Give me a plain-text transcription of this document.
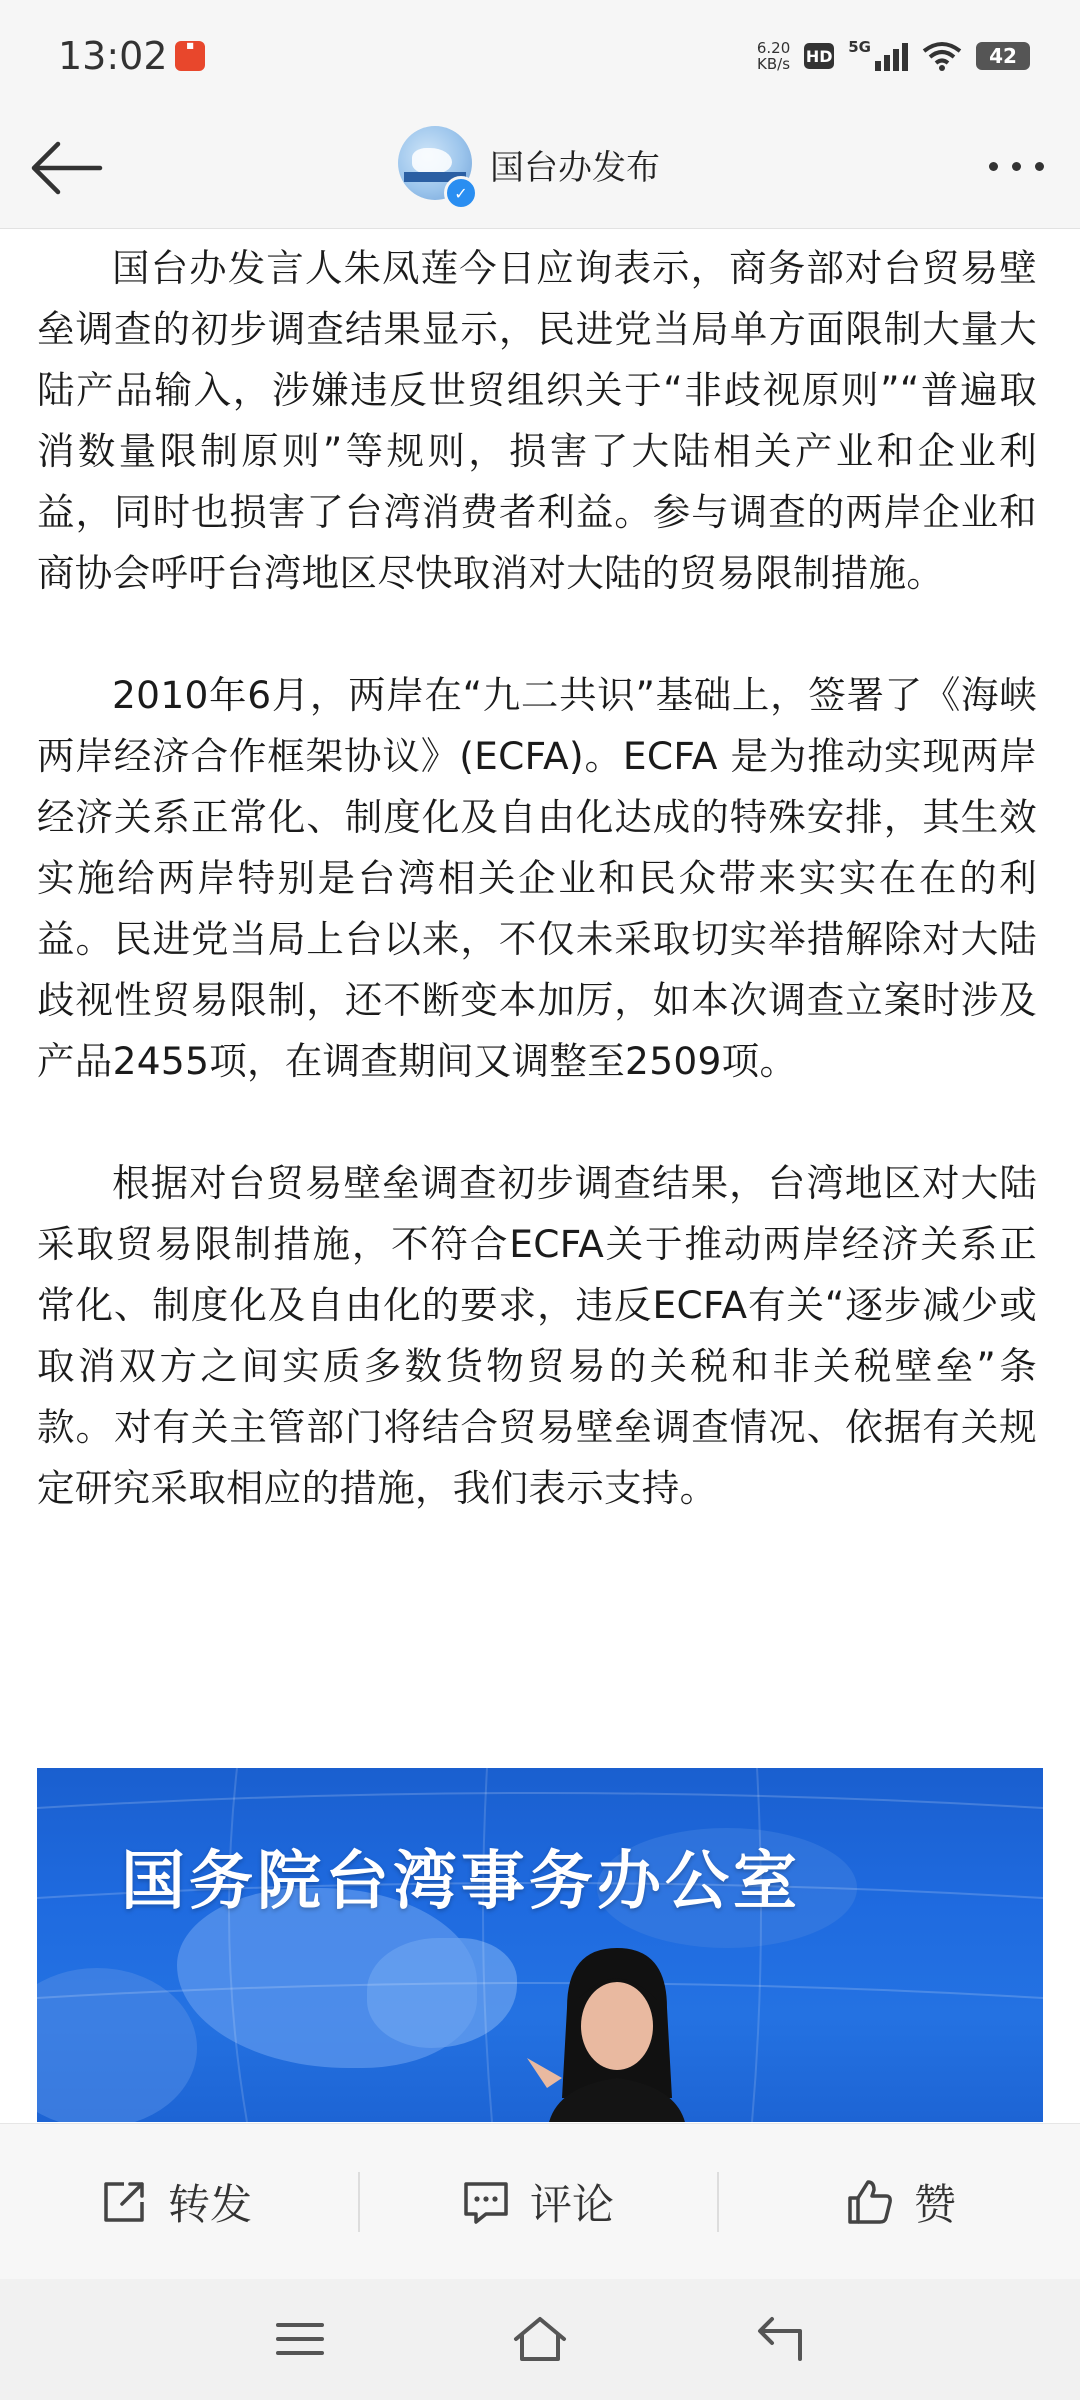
13:02	■	6.20
KB/s HD 5G	42
✓
国台办发布

国台办发言人朱凤莲今日应询表示，商务部对台贸易壁垒调查的初步调查结果显示，民进党当局单方面限制大量大陆产品输入，涉嫌违反世贸组织关于“非歧视原则”“普遍取消数量限制原则”等规则，损害了大陆相关产业和企业利益，同时也损害了台湾消费者利益。参与调查的两岸企业和商协会呼吁台湾地区尽快取消对大陆的贸易限制措施。

2010年6月，两岸在“九二共识”基础上，签署了《海峡两岸经济合作框架协议》(ECFA)。ECFA 是为推动实现两岸经济关系正常化、制度化及自由化达成的特殊安排，其生效实施给两岸特别是台湾相关企业和民众带来实实在在的利益。民进党当局上台以来，不仅未采取切实举措解除对大陆歧视性贸易限制，还不断变本加厉，如本次调查立案时涉及产品2455项，在调查期间又调整至2509项。

根据对台贸易壁垒调查初步调查结果，台湾地区对大陆采取贸易限制措施，不符合ECFA关于推动两岸经济关系正常化、制度化及自由化的要求，违反ECFA有关“逐步减少或取消双方之间实质多数货物贸易的关税和非关税壁垒”条款。对有关主管部门将结合贸易壁垒调查情况、依据有关规定研究采取相应的措施，我们表示支持。

国务院台湾事务办公室
转发	评论	赞
